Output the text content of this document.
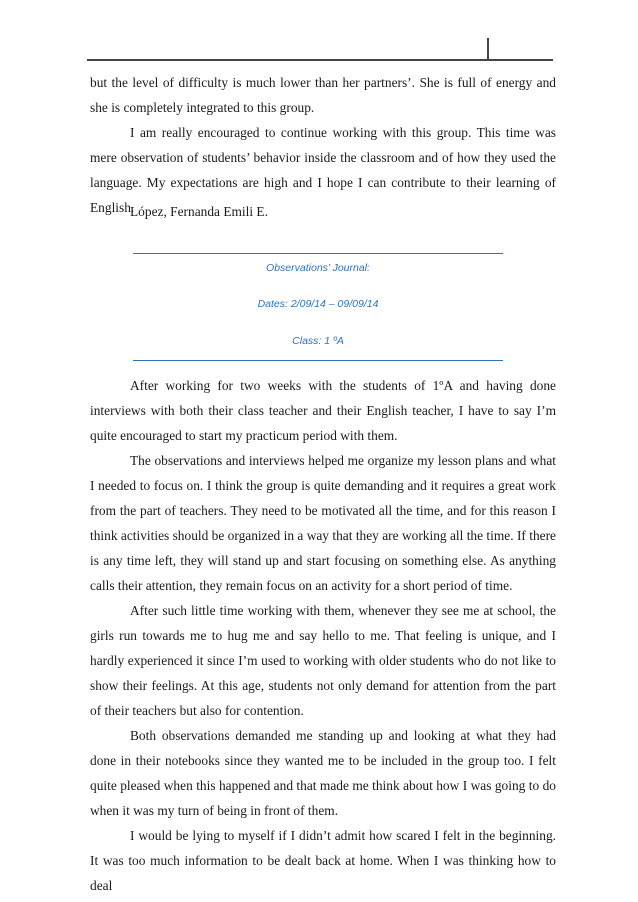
but the level of difficulty is much lower than her partners’. She is full of energy and she is completely integrated to this group.

I am really encouraged to continue working with this group. This time was mere observation of students’ behavior inside the classroom and of how they used the language. My expectations are high and I hope I can contribute to their learning of English.

López, Fernanda Emili E.
Observations’ Journal:
Dates: 2/09/14 – 09/09/14
Class: 1 ºA

After working for two weeks with the students of 1ºA and having done interviews with both their class teacher and their English teacher, I have to say I’m quite encouraged to start my practicum period with them.

The observations and interviews helped me organize my lesson plans and what I needed to focus on. I think the group is quite demanding and it requires a great work from the part of teachers. They need to be motivated all the time, and for this reason I think activities should be organized in a way that they are working all the time. If there is any time left, they will stand up and start focusing on something else. As anything calls their attention, they remain focus on an activity for a short period of time.

After such little time working with them, whenever they see me at school, the girls run towards me to hug me and say hello to me. That feeling is unique, and I hardly experienced it since I’m used to working with older students who do not like to show their feelings. At this age, students not only demand for attention from the part of their teachers but also for contention.

Both observations demanded me standing up and looking at what they had done in their notebooks since they wanted me to be included in the group too. I felt quite pleased when this happened and that made me think about how I was going to do when it was my turn of being in front of them.

I would be lying to myself if I didn’t admit how scared I felt in the beginning. It was too much information to be dealt back at home. When I was thinking how to deal
